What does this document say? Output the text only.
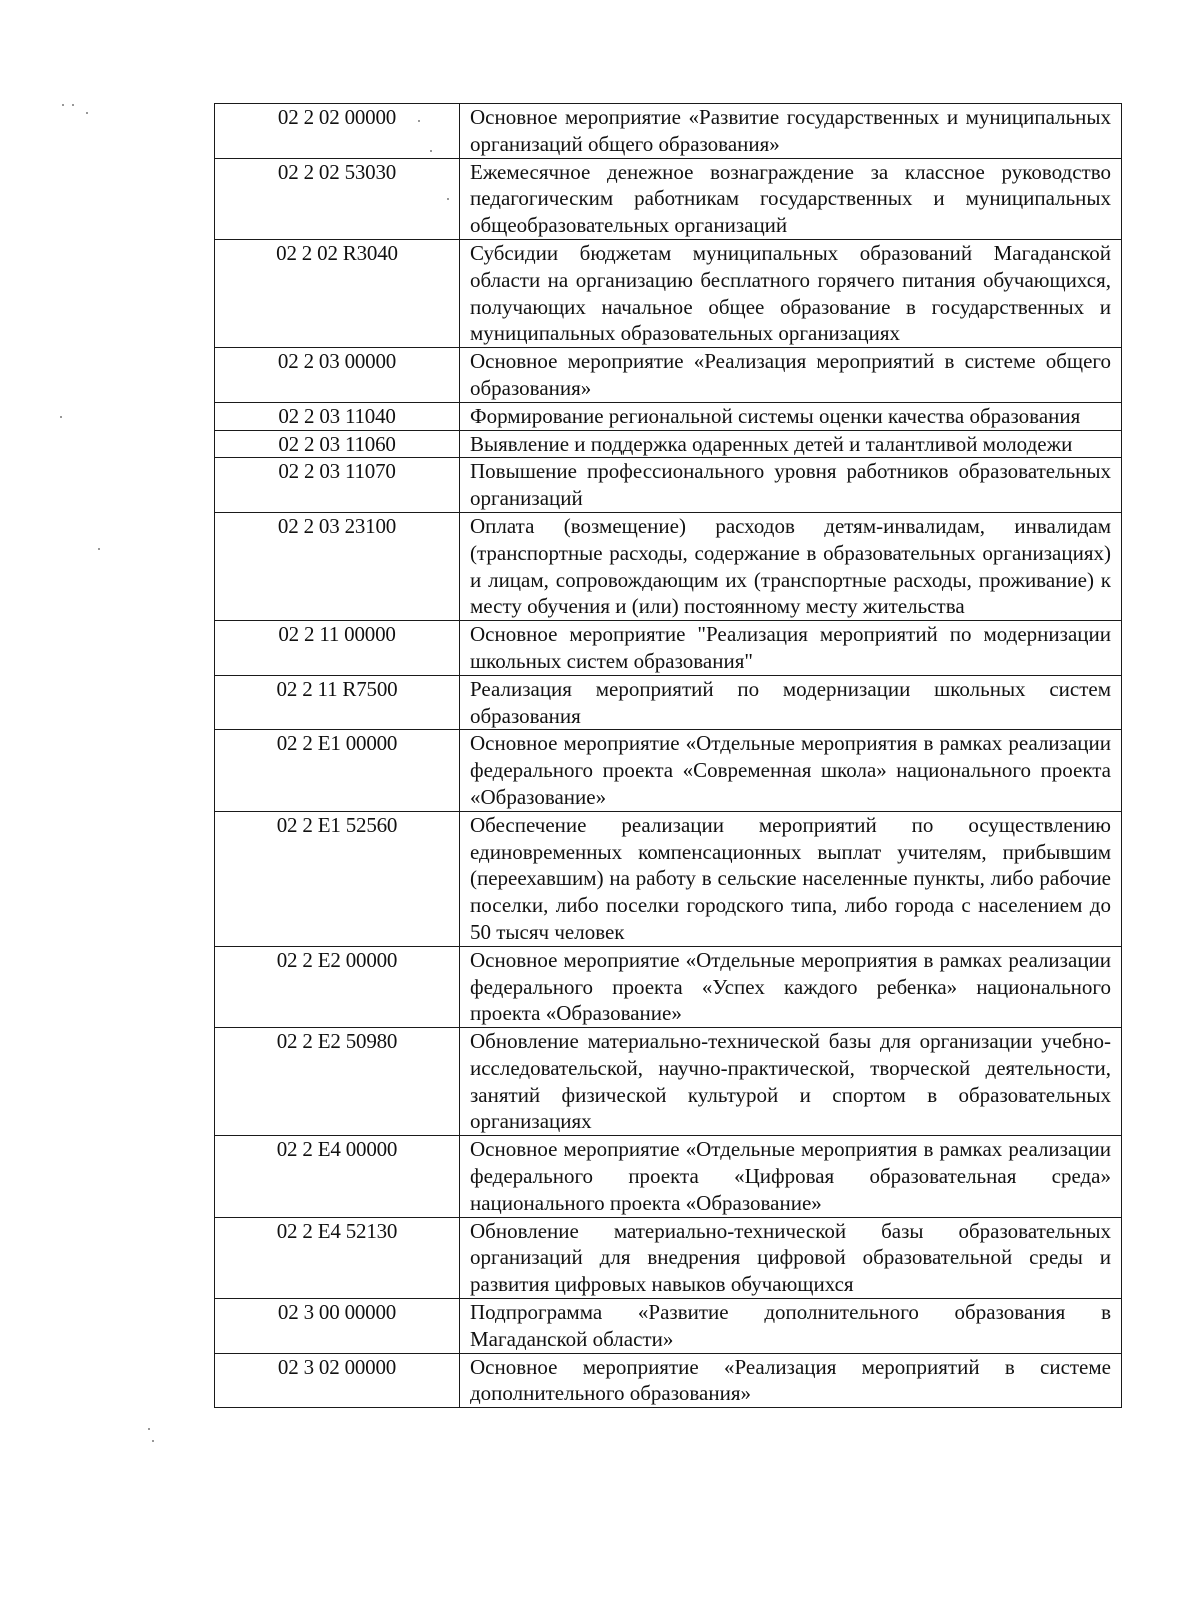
02 2 02 00000	Основное мероприятие «Развитие государственных и муниципальных организаций общего образования»
02 2 02 53030	Ежемесячное денежное вознаграждение за классное руководство педагогическим работникам государственных и муниципальных общеобразовательных организаций
02 2 02 R3040	Субсидии бюджетам муниципальных образований Магаданской области на организацию бесплатного горячего питания обучающихся, получающих начальное общее образование в государственных и муниципальных образовательных организациях
02 2 03 00000	Основное мероприятие «Реализация мероприятий в системе общего образования»
02 2 03 11040	Формирование региональной системы оценки качества образования
02 2 03 11060	Выявление и поддержка одаренных детей и талантливой молодежи
02 2 03 11070	Повышение профессионального уровня работников образовательных организаций
02 2 03 23100	Оплата (возмещение) расходов детям-инвалидам, инвалидам (транспортные расходы, содержание в образовательных организациях) и лицам, сопровождающим их (транспортные расходы, проживание) к месту обучения и (или) постоянному месту жительства
02 2 11 00000	Основное мероприятие "Реализация мероприятий по модернизации школьных систем образования"
02 2 11 R7500	Реализация мероприятий по модернизации школьных систем образования
02 2 E1 00000	Основное мероприятие «Отдельные мероприятия в рамках реализации федерального проекта «Современная школа» национального проекта «Образование»
02 2 E1 52560	Обеспечение реализации мероприятий по осуществлению единовременных компенсационных выплат учителям, прибывшим (переехавшим) на работу в сельские населенные пункты, либо рабочие поселки, либо поселки городского типа, либо города с населением до 50 тысяч человек
02 2 E2 00000	Основное мероприятие «Отдельные мероприятия в рамках реализации федерального проекта «Успех каждого ребенка» национального проекта «Образование»
02 2 E2 50980	Обновление материально-технической базы для организации учебно-исследовательской, научно-практической, творческой деятельности, занятий физической культурой и спортом в образовательных организациях
02 2 E4 00000	Основное мероприятие «Отдельные мероприятия в рамках реализации федерального проекта «Цифровая образовательная среда» национального проекта «Образование»
02 2 E4 52130	Обновление материально-технической базы образовательных организаций для внедрения цифровой образовательной среды и развития цифровых навыков обучающихся
02 3 00 00000	Подпрограмма «Развитие дополнительного образования в Магаданской области»
02 3 02 00000	Основное мероприятие «Реализация мероприятий в системе дополнительного образования»
